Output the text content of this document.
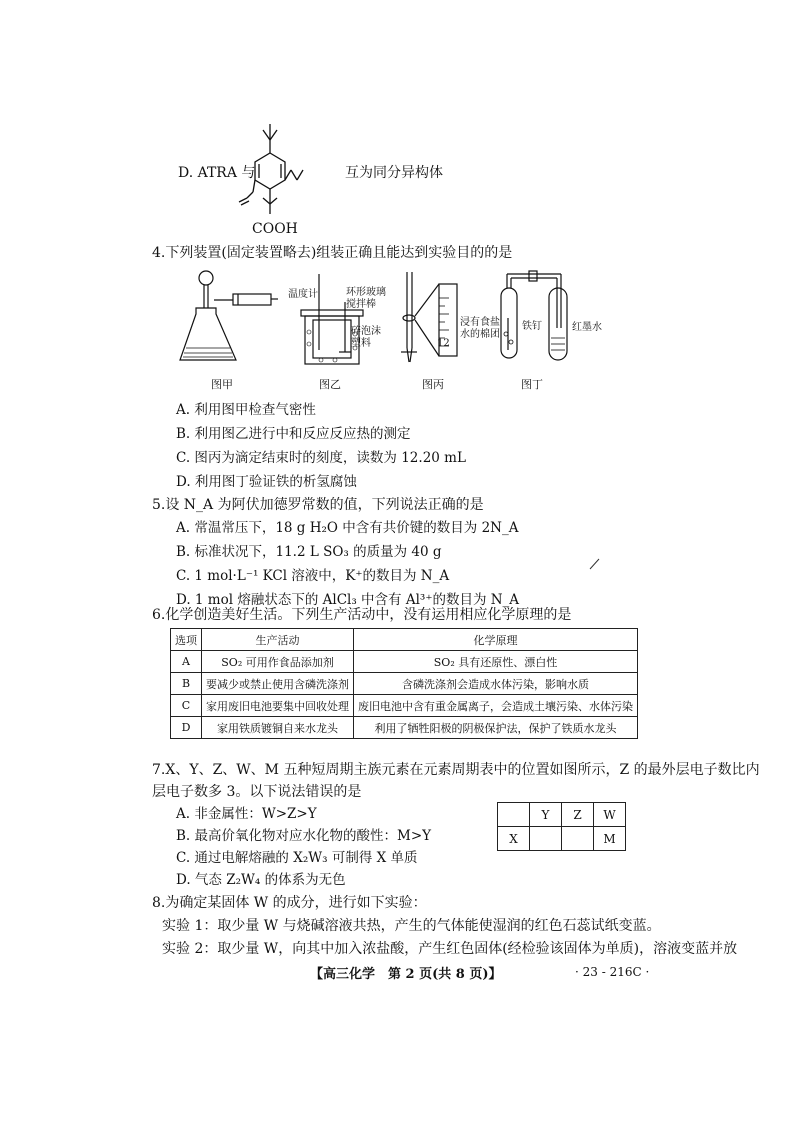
D. ATRA 与	互为同分异构体
COOH
4.下列装置(固定装置略去)组装正确且能达到实验目的的是
图甲
温度计	环形玻璃
搅拌棒
碎泡沫
塑料
图乙
12
图丙
浸有食盐
水的棉团
铁钉	红墨水
图丁
A. 利用图甲检查气密性
B. 利用图乙进行中和反应反应热的测定
C. 图丙为滴定结束时的刻度，读数为 12.20 mL
D. 利用图丁验证铁的析氢腐蚀
5.设 N_A 为阿伏加德罗常数的值，下列说法正确的是
A. 常温常压下，18 g H₂O 中含有共价键的数目为 2N_A
B. 标准状况下，11.2 L SO₃ 的质量为 40 g
C. 1 mol·L⁻¹ KCl 溶液中，K⁺的数目为 N_A
D. 1 mol 熔融状态下的 AlCl₃ 中含有 Al³⁺的数目为 N_A
6.化学创造美好生活。下列生产活动中，没有运用相应化学原理的是
选项	生产活动	化学原理
A	SO₂ 可用作食品添加剂	SO₂ 具有还原性、漂白性
B	要减少或禁止使用含磷洗涤剂	含磷洗涤剂会造成水体污染，影响水质
C	家用废旧电池要集中回收处理	废旧电池中含有重金属离子，会造成土壤污染、水体污染
D	家用铁质镀铜自来水龙头	利用了牺牲阳极的阴极保护法，保护了铁质水龙头
7.X、Y、Z、W、M 五种短周期主族元素在元素周期表中的位置如图所示，Z 的最外层电子数比内
层电子数多 3。以下说法错误的是
A. 非金属性：W>Z>Y
B. 最高价氧化物对应水化物的酸性：M>Y
C. 通过电解熔融的 X₂W₃ 可制得 X 单质
D. 气态 Z₂W₄ 的体系为无色
	Y	Z	W
X			M
8.为确定某固体 W 的成分，进行如下实验：
实验 1：取少量 W 与烧碱溶液共热，产生的气体能使湿润的红色石蕊试纸变蓝。
实验 2：取少量 W，向其中加入浓盐酸，产生红色固体(经检验该固体为单质)，溶液变蓝并放
【高三化学　第 2 页(共 8 页)】	· 23 - 216C ·
